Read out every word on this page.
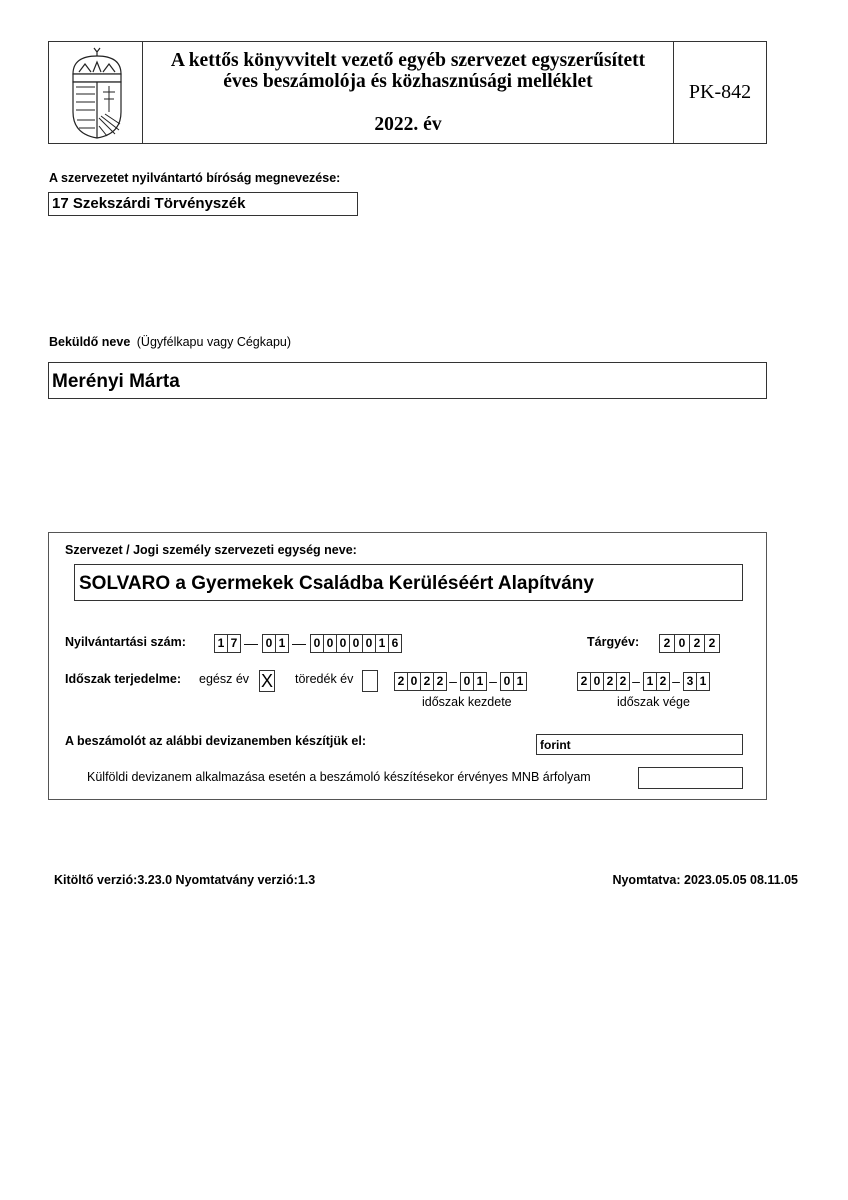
A kettős könyvvitelt vezető egyéb szervezet egyszerűsített
éves beszámolója és közhasznúsági melléklet
2022. év
PK-842
A szervezetet nyilvántartó bíróság megnevezése:
17 Szekszárdi Törvényszék
Beküldő neve (Ügyfélkapu vagy Cégkapu)
Merényi Márta
Szervezet / Jogi személy szervezeti egység neve:
SOLVARO a Gyermekek Családba Kerüléséért Alapítvány
Nyilvántartási szám:	1 7 — 0 1 — 0 0 0 0 0 1 6	Tárgyév:	2 0 2 2
Időszak terjedelme: egész év X töredék év	2 0 2 2 – 0 1 – 0 1
időszak kezdete
2 0 2 2 – 1 2 – 3 1
időszak vége
A beszámolót az alábbi devizanemben készítjük el:	forint
Külföldi devizanem alkalmazása esetén a beszámoló készítésekor érvényes MNB árfolyam
Kitöltő verzió:3.23.0 Nyomtatvány verzió:1.3	Nyomtatva: 2023.05.05 08.11.05
